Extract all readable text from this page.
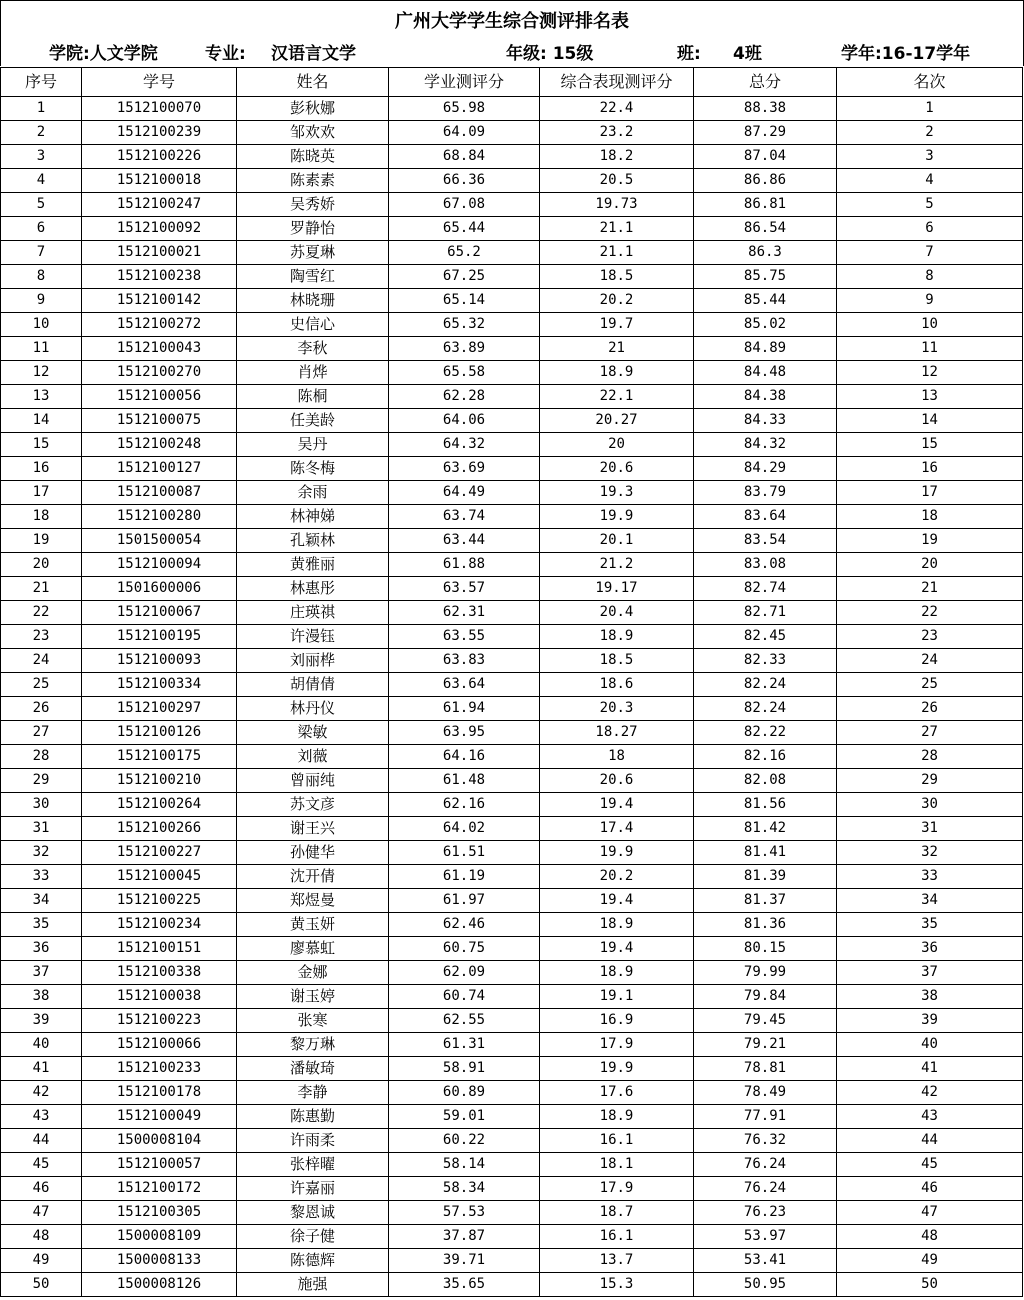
广州大学学生综合测评排名表
学院:人文学院	专业: 汉语言文学	年级: 15级	班: 4班	学年:16-17学年
序号	学号	姓名	学业测评分	综合表现测评分	总分	名次
1	1512100070	彭秋娜	65.98	22.4	88.38	1
2	1512100239	邹欢欢	64.09	23.2	87.29	2
3	1512100226	陈晓英	68.84	18.2	87.04	3
4	1512100018	陈素素	66.36	20.5	86.86	4
5	1512100247	吴秀娇	67.08	19.73	86.81	5
6	1512100092	罗静怡	65.44	21.1	86.54	6
7	1512100021	苏夏琳	65.2	21.1	86.3	7
8	1512100238	陶雪红	67.25	18.5	85.75	8
9	1512100142	林晓珊	65.14	20.2	85.44	9
10	1512100272	史信心	65.32	19.7	85.02	10
11	1512100043	李秋	63.89	21	84.89	11
12	1512100270	肖烨	65.58	18.9	84.48	12
13	1512100056	陈桐	62.28	22.1	84.38	13
14	1512100075	任美龄	64.06	20.27	84.33	14
15	1512100248	吴丹	64.32	20	84.32	15
16	1512100127	陈冬梅	63.69	20.6	84.29	16
17	1512100087	余雨	64.49	19.3	83.79	17
18	1512100280	林神娣	63.74	19.9	83.64	18
19	1501500054	孔颖林	63.44	20.1	83.54	19
20	1512100094	黄雅丽	61.88	21.2	83.08	20
21	1501600006	林惠彤	63.57	19.17	82.74	21
22	1512100067	庄瑛祺	62.31	20.4	82.71	22
23	1512100195	许漫钰	63.55	18.9	82.45	23
24	1512100093	刘丽桦	63.83	18.5	82.33	24
25	1512100334	胡倩倩	63.64	18.6	82.24	25
26	1512100297	林丹仪	61.94	20.3	82.24	26
27	1512100126	梁敏	63.95	18.27	82.22	27
28	1512100175	刘薇	64.16	18	82.16	28
29	1512100210	曾丽纯	61.48	20.6	82.08	29
30	1512100264	苏文彦	62.16	19.4	81.56	30
31	1512100266	谢王兴	64.02	17.4	81.42	31
32	1512100227	孙健华	61.51	19.9	81.41	32
33	1512100045	沈开倩	61.19	20.2	81.39	33
34	1512100225	郑煜曼	61.97	19.4	81.37	34
35	1512100234	黄玉妍	62.46	18.9	81.36	35
36	1512100151	廖慕虹	60.75	19.4	80.15	36
37	1512100338	金娜	62.09	18.9	79.99	37
38	1512100038	谢玉婷	60.74	19.1	79.84	38
39	1512100223	张寒	62.55	16.9	79.45	39
40	1512100066	黎万琳	61.31	17.9	79.21	40
41	1512100233	潘敏琦	58.91	19.9	78.81	41
42	1512100178	李静	60.89	17.6	78.49	42
43	1512100049	陈惠勤	59.01	18.9	77.91	43
44	1500008104	许雨柔	60.22	16.1	76.32	44
45	1512100057	张梓曜	58.14	18.1	76.24	45
46	1512100172	许嘉丽	58.34	17.9	76.24	46
47	1512100305	黎恩诚	57.53	18.7	76.23	47
48	1500008109	徐子健	37.87	16.1	53.97	48
49	1500008133	陈德辉	39.71	13.7	53.41	49
50	1500008126	施强	35.65	15.3	50.95	50
